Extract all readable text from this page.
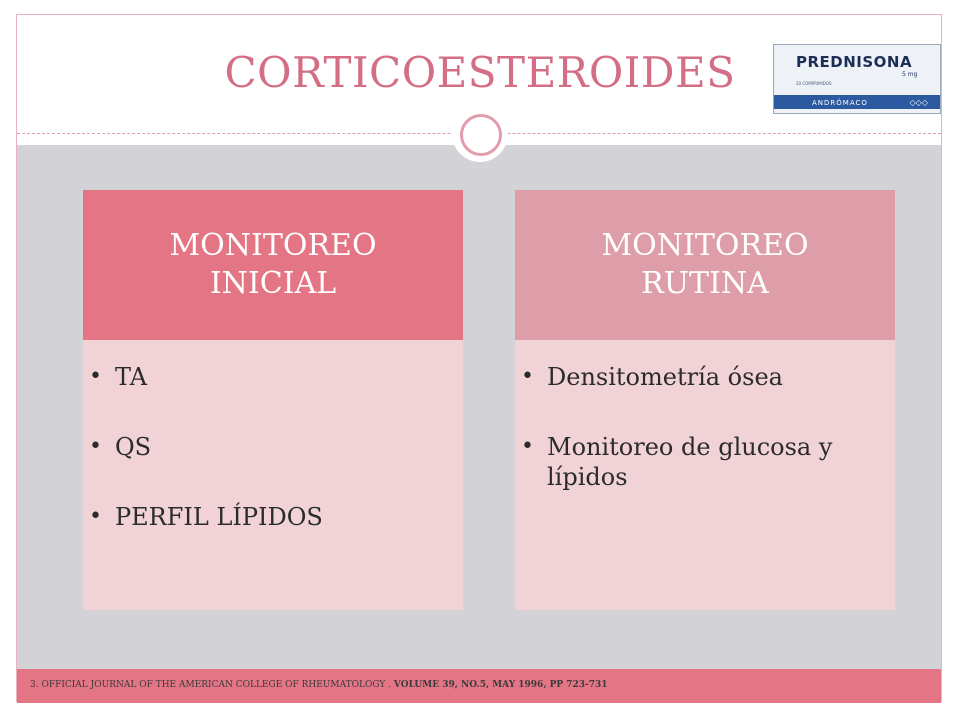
CORTICOESTEROIDES	PREDNISONA
5 mg
20 COMPRIMIDOS
ANDRÓMACO	◇◇◇
MONITOREO INICIAL
• TA
• QS
• PERFIL LÍPIDOS
MONITOREO RUTINA
• Densitometría ósea
• Monitoreo de glucosa y lípidos
3. OFFICIAL JOURNAL OF THE AMERICAN COLLEGE OF RHEUMATOLOGY . VOLUME 39, NO.5, MAY 1996, PP 723-731
